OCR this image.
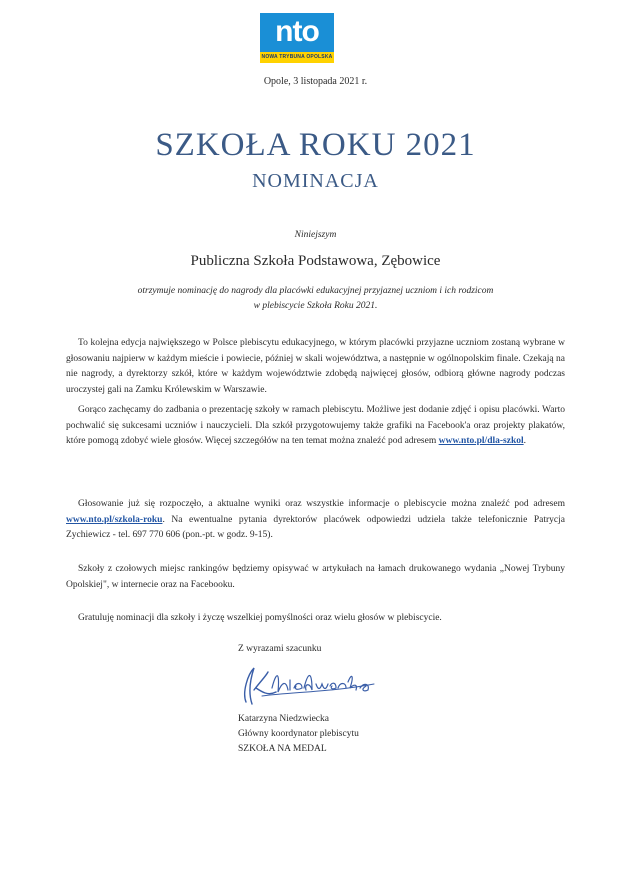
nto
NOWA TRYBUNA OPOLSKA
Opole, 3 listopada 2021 r.
SZKOŁA ROKU 2021
NOMINACJA
Niniejszym
Publiczna Szkoła Podstawowa, Zębowice
otrzymuje nominację do nagrody dla placówki edukacyjnej przyjaznej uczniom i ich rodzicom
w plebiscycie Szkoła Roku 2021.

To kolejna edycja największego w Polsce plebiscytu edukacyjnego, w którym placówki przyjazne uczniom zostaną wybrane w głosowaniu najpierw w każdym mieście i powiecie, później w skali województwa, a następnie w ogólnopolskim finale. Czekają na nie nagrody, a dyrektorzy szkół, które w każdym województwie zdobędą najwięcej głosów, odbiorą główne nagrody podczas uroczystej gali na Zamku Królewskim w Warszawie.

Gorąco zachęcamy do zadbania o prezentację szkoły w ramach plebiscytu. Możliwe jest dodanie zdjęć i opisu placówki. Warto pochwalić się sukcesami uczniów i nauczycieli. Dla szkół przygotowujemy także grafiki na Facebook'a oraz projekty plakatów, które pomogą zdobyć wiele głosów. Więcej szczegółów na ten temat można znaleźć pod adresem www.nto.pl/dla-szkol.

Głosowanie już się rozpoczęło, a aktualne wyniki oraz wszystkie informacje o plebiscycie można znaleźć pod adresem www.nto.pl/szkola-roku. Na ewentualne pytania dyrektorów placówek odpowiedzi udziela także telefonicznie Patrycja Zychiewicz - tel. 697 770 606 (pon.-pt. w godz. 9-15).

Szkoły z czołowych miejsc rankingów będziemy opisywać w artykułach na łamach drukowanego wydania „Nowej Trybuny Opolskiej", w internecie oraz na Facebooku.

Gratuluję nominacji dla szkoły i życzę wszelkiej pomyślności oraz wielu głosów w plebiscycie.

Z wyrazami szacunku
Katarzyna Niedzwiecka
Główny koordynator plebiscytu
SZKOŁA NA MEDAL
